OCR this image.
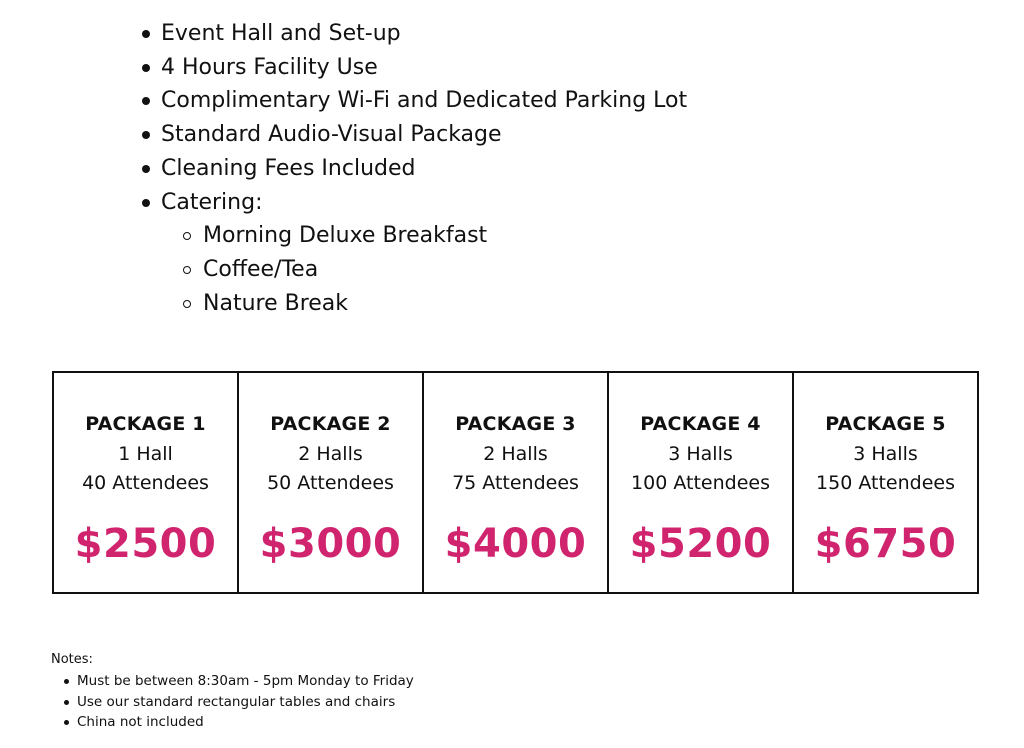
Event Hall and Set-up
4 Hours Facility Use
Complimentary Wi-Fi and Dedicated Parking Lot
Standard Audio-Visual Package
Cleaning Fees Included
Catering:
Morning Deluxe Breakfast
Coffee/Tea
Nature Break
PACKAGE 1
1 Hall
40 Attendees
$2500
PACKAGE 2
2 Halls
50 Attendees
$3000
PACKAGE 3
2 Halls
75 Attendees
$4000
PACKAGE 4
3 Halls
100 Attendees
$5200
PACKAGE 5
3 Halls
150 Attendees
$6750
Notes:
Must be between 8:30am - 5pm Monday to Friday
Use our standard rectangular tables and chairs
China not included
